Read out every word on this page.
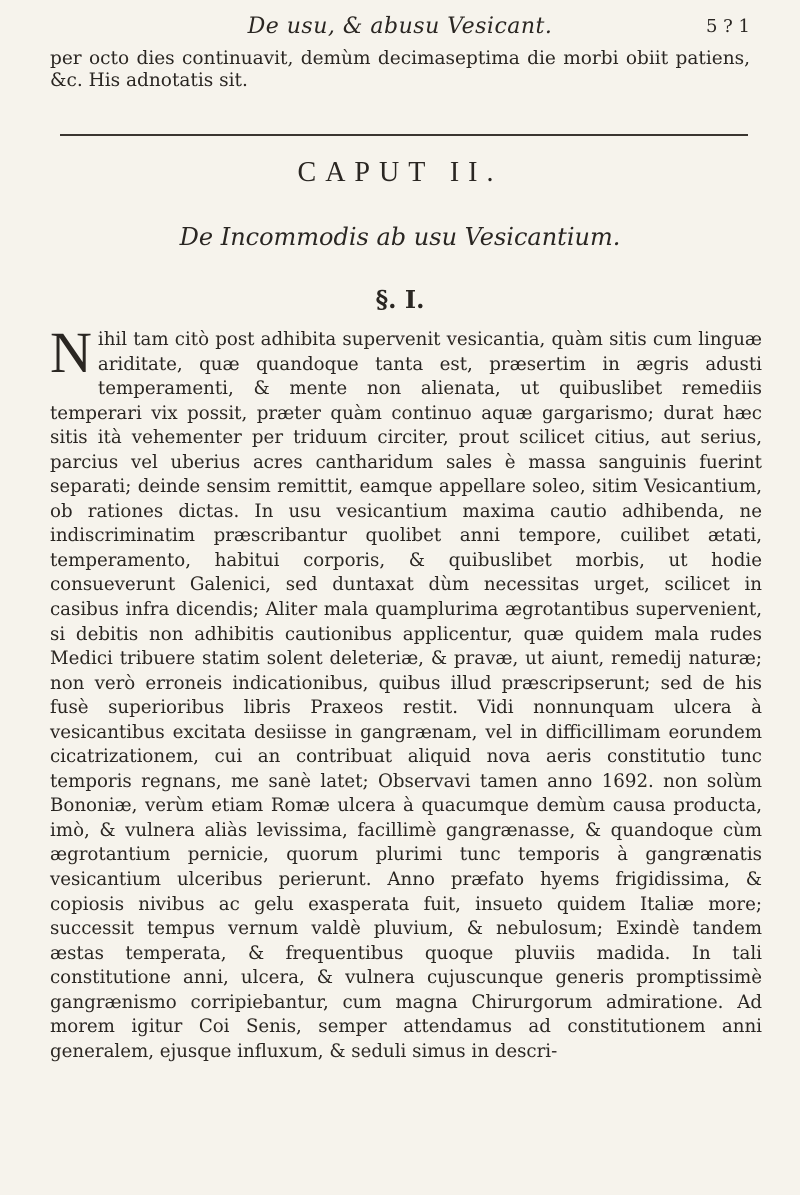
De usu, & abusu Vesicant.	5 ? 1
per octo dies continuavit, demùm decimaseptima die morbi obiit patiens, &c. His adnotatis sit.
CAPUT II.
De Incommodis ab usu Vesicantium.
§. I.
N ihil tam citò post adhibita supervenit vesicantia, quàm sitis cum linguæ ariditate, quæ quandoque tanta est, præsertim in ægris adusti temperamenti, & mente non alienata, ut quibuslibet remediis temperari vix possit, præter quàm continuo aquæ gargarismo; durat hæc sitis ità vehementer per triduum circiter, prout scilicet citius, aut serius, parcius vel uberius acres cantharidum sales è massa sanguinis fuerint separati; deinde sensim remittit, eamque appellare soleo, sitim Vesicantium, ob rationes dictas. In usu vesicantium maxima cautio adhibenda, ne indiscriminatim præscribantur quolibet anni tempore, cuilibet ætati, temperamento, habitui corporis, & quibuslibet morbis, ut hodie consueverunt Galenici, sed duntaxat dùm necessitas urget, scilicet in casibus infra dicendis; Aliter mala quamplurima ægrotantibus supervenient, si debitis non adhibitis cautionibus applicentur, quæ quidem mala rudes Medici tribuere statim solent deleteriæ, & pravæ, ut aiunt, remedij naturæ; non verò erroneis indicationibus, quibus illud præscripserunt; sed de his fusè superioribus libris Praxeos restit. Vidi nonnunquam ulcera à vesicantibus excitata desiisse in gangrænam, vel in difficillimam eorundem cicatrizationem, cui an contribuat aliquid nova aeris constitutio tunc temporis regnans, me sanè latet; Observavi tamen anno 1692. non solùm Bononiæ, verùm etiam Romæ ulcera à quacumque demùm causa producta, imò, & vulnera aliàs levissima, facillimè gangrænasse, & quandoque cùm ægrotantium pernicie, quorum plurimi tunc temporis à gangrænatis vesicantium ulceribus perierunt. Anno præfato hyems frigidissima, & copiosis nivibus ac gelu exasperata fuit, insueto quidem Italiæ more; successit tempus vernum valdè pluvium, & nebulosum; Exindè tandem æstas temperata, & frequentibus quoque pluviis madida. In tali constitutione anni, ulcera, & vulnera cujuscunque generis promptissimè gangrænismo corripiebantur, cum magna Chirurgorum admiratione. Ad morem igitur Coi Senis, semper attendamus ad constitutionem anni generalem, ejusque influxum, & seduli simus in descri-
